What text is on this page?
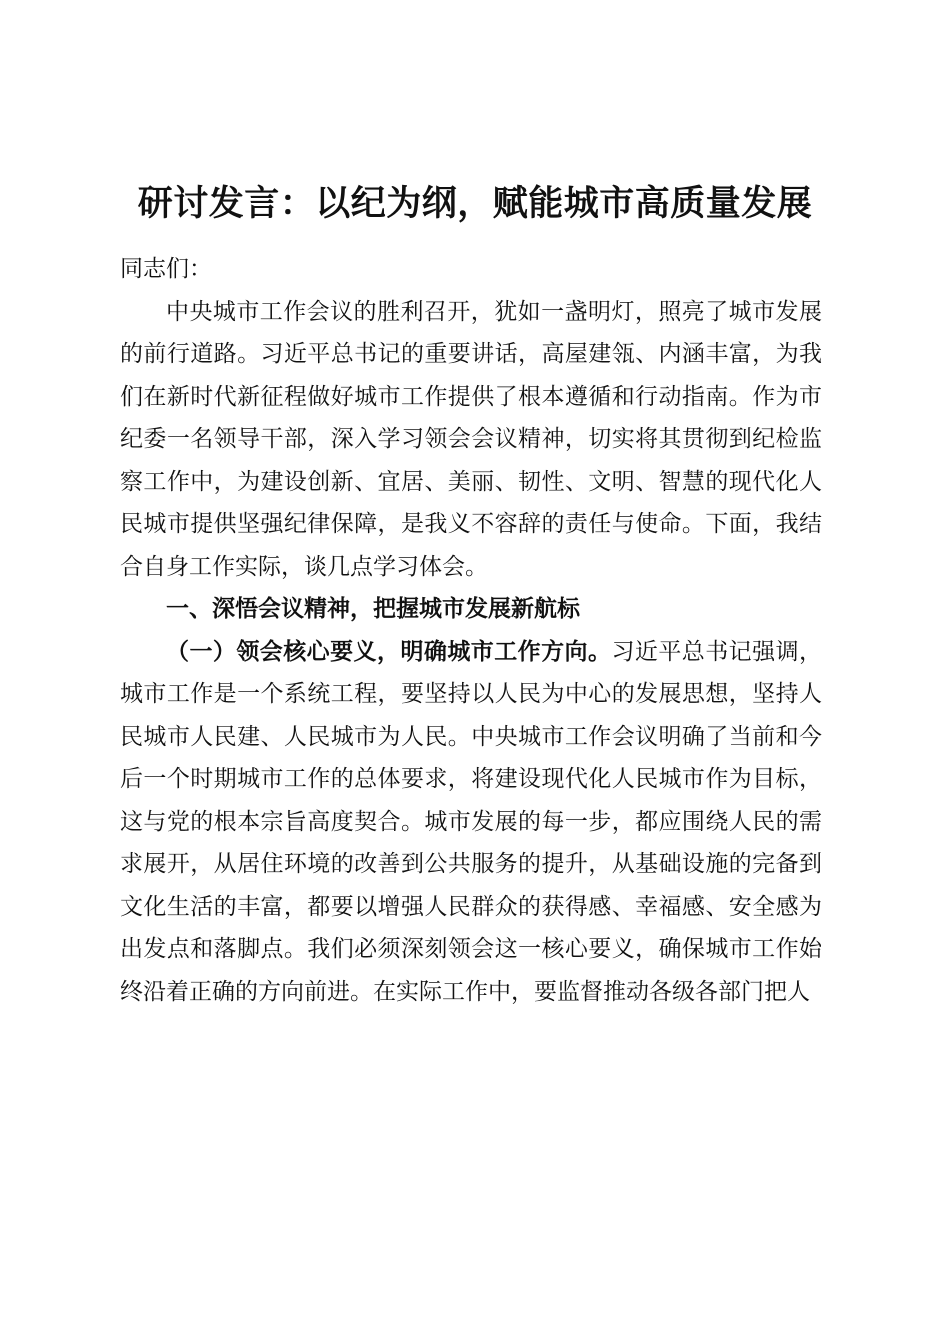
研讨发言：以纪为纲，赋能城市高质量发展

同志们：

中央城市工作会议的胜利召开，犹如一盏明灯，照亮了城市发展的前行道路。习近平总书记的重要讲话，高屋建瓴、内涵丰富，为我们在新时代新征程做好城市工作提供了根本遵循和行动指南。作为市纪委一名领导干部，深入学习领会会议精神，切实将其贯彻到纪检监察工作中，为建设创新、宜居、美丽、韧性、文明、智慧的现代化人民城市提供坚强纪律保障，是我义不容辞的责任与使命。下面，我结合自身工作实际，谈几点学习体会。

一、深悟会议精神，把握城市发展新航标

（一）领会核心要义，明确城市工作方向。习近平总书记强调，城市工作是一个系统工程，要坚持以人民为中心的发展思想，坚持人民城市人民建、人民城市为人民。中央城市工作会议明确了当前和今后一个时期城市工作的总体要求，将建设现代化人民城市作为目标，这与党的根本宗旨高度契合。城市发展的每一步，都应围绕人民的需求展开，从居住环境的改善到公共服务的提升，从基础设施的完备到文化生活的丰富，都要以增强人民群众的获得感、幸福感、安全感为出发点和落脚点。我们必须深刻领会这一核心要义，确保城市工作始终沿着正确的方向前进。在实际工作中，要监督推动各级各部门把人
